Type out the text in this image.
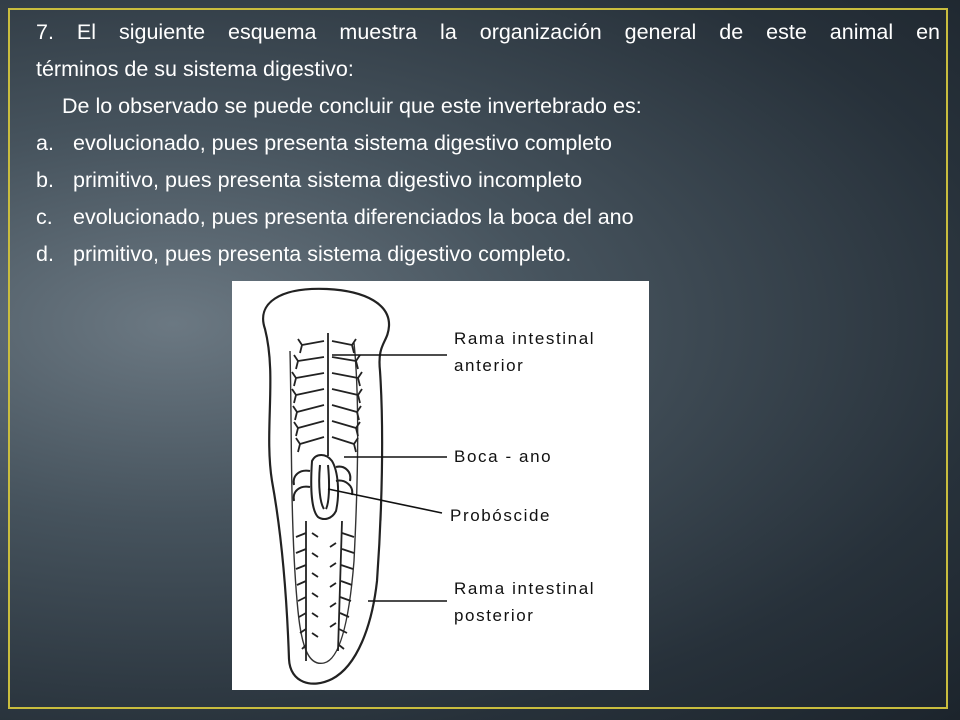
7. El siguiente esquema muestra la organización general de este animal en
términos de su sistema digestivo:
De lo observado se puede concluir que este invertebrado es:
a. evolucionado, pues presenta sistema digestivo completo
b. primitivo, pues presenta sistema digestivo incompleto
c. evolucionado, pues presenta diferenciados la boca del ano
d. primitivo, pues presenta sistema digestivo completo.
Rama intestinal
anterior
Boca - ano
Probóscide
Rama intestinal
posterior
